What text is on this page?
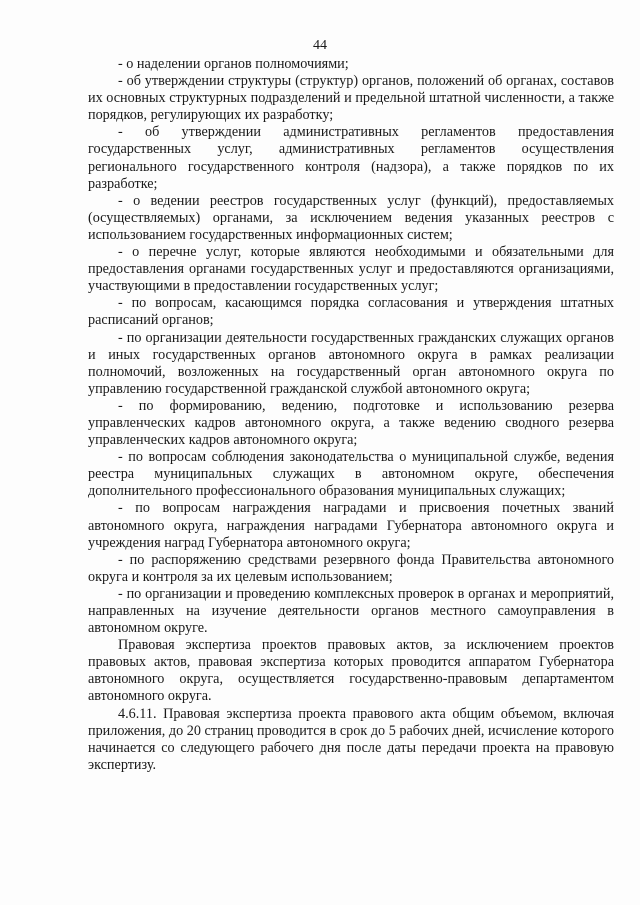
44

- о наделении органов полномочиями;

- об утверждении структуры (структур) органов, положений об органах, составов их основных структурных подразделений и предельной штатной численности, а также порядков, регулирующих их разработку;

- об утверждении административных регламентов предоставления государственных услуг, административных регламентов осуществления регионального государственного контроля (надзора), а также порядков по их разработке;

- о ведении реестров государственных услуг (функций), предоставляемых (осуществляемых) органами, за исключением ведения указанных реестров с использованием государственных информационных систем;

- о перечне услуг, которые являются необходимыми и обязательными для предоставления органами государственных услуг и предоставляются организациями, участвующими в предоставлении государственных услуг;

- по вопросам, касающимся порядка согласования и утверждения штатных расписаний органов;

- по организации деятельности государственных гражданских служащих органов и иных государственных органов автономного округа в рамках реализации полномочий, возложенных на государственный орган автономного округа по управлению государственной гражданской службой автономного округа;

- по формированию, ведению, подготовке и использованию резерва управленческих кадров автономного округа, а также ведению сводного резерва управленческих кадров автономного округа;

- по вопросам соблюдения законодательства о муниципальной службе, ведения реестра муниципальных служащих в автономном округе, обеспечения дополнительного профессионального образования муниципальных служащих;

- по вопросам награждения наградами и присвоения почетных званий автономного округа, награждения наградами Губернатора автономного округа и учреждения наград Губернатора автономного округа;

- по распоряжению средствами резервного фонда Правительства автономного округа и контроля за их целевым использованием;

- по организации и проведению комплексных проверок в органах и мероприятий, направленных на изучение деятельности органов местного самоуправления в автономном округе.

Правовая экспертиза проектов правовых актов, за исключением проектов правовых актов, правовая экспертиза которых проводится аппаратом Губернатора автономного округа, осуществляется государственно-правовым департаментом автономного округа.

4.6.11. Правовая экспертиза проекта правового акта общим объемом, включая приложения, до 20 страниц проводится в срок до 5 рабочих дней, исчисление которого начинается со следующего рабочего дня после даты передачи проекта на правовую экспертизу.
